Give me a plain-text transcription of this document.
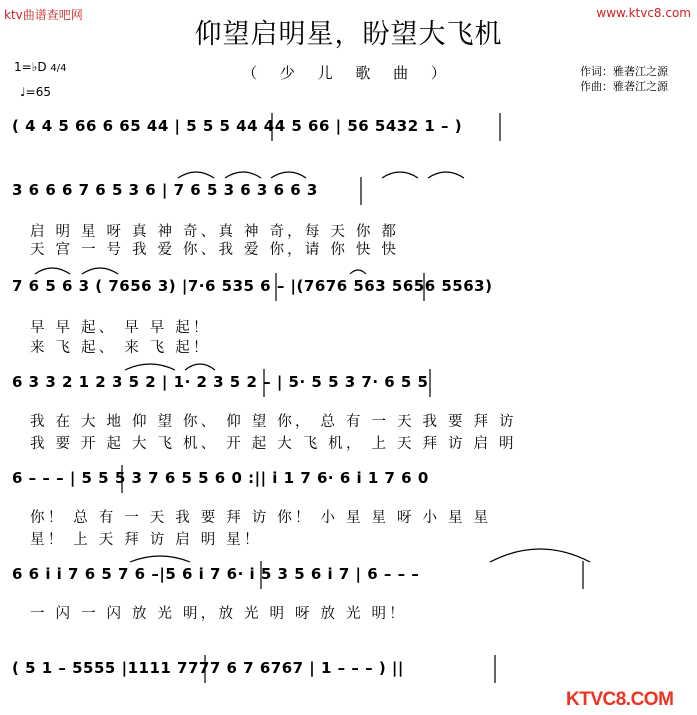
ktv曲谱查吧网	www.ktvc8.com
仰望启明星，盼望大飞机
（ 少 儿 歌 曲 ）	作词：雅砻江之源
作曲：雅砻江之源
1=♭D 4/4
♩=65
( 4 4 5 66 6 65 44 | 5 5 5 44 44 5 66 | 56 5432 1 – )
3 6 6 6 7 6 5 3 6 | 7 6 5 3 6 3 6 6 3
7 6 5 6 3 ( 7656 3) |7·6 535 6 – |(7676 563 5656 5563)
6 3 3 2 1 2 3 5 2 | 1· 2 3 5 2 – | 5· 5 5 3 7· 6 5 5
6 – – – | 5 5 5 3 7 6 5 5 6 0 :|| i 1 7 6· 6 i 1 7 6 0
6 6 i i 7 6 5 7 6 –|5 6 i 7 6· i 5 3 5 6 i 7 | 6 – – –
( 5 1 – 5555 |1111 7777 6 7 6767 | 1 – – – ) ||
启 明 星 呀 真 神 奇、真 神 奇，每 天 你 都
天 宫 一 号 我 爱 你、我 爱 你，请 你 快 快
早 早 起、 早 早 起！
来 飞 起、 来 飞 起！
我 在 大 地 仰 望 你、 仰 望 你， 总 有 一 天 我 要 拜 访
我 要 开 起 大 飞 机、 开 起 大 飞 机， 上 天 拜 访 启 明
你！ 总 有 一 天 我 要 拜 访 你！ 小 星 星 呀 小 星 星
星！ 上 天 拜 访 启 明 星！
一 闪 一 闪 放 光 明，放 光 明 呀 放 光 明！
KTVC8.COM
